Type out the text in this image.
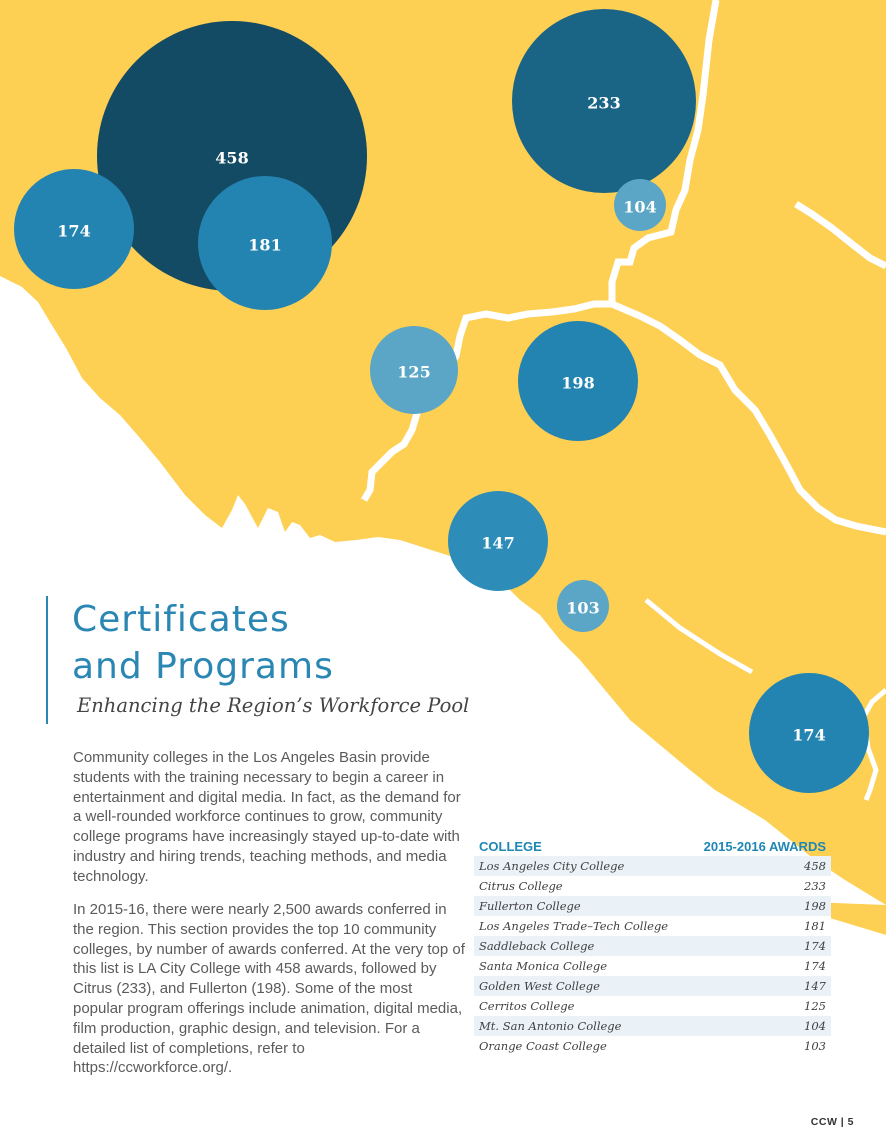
458
233
174
181
104
125
198
147
103
174
Certificates
and Programs
Enhancing the Region’s Workforce Pool

Community colleges in the Los Angeles Basin provide students with the training necessary to begin a career in entertainment and digital media. In fact, as the demand for a well-rounded workforce continues to grow, community college programs have increasingly stayed up-to-date with industry and hiring trends, teaching methods, and media technology.

In 2015-16, there were nearly 2,500 awards conferred in the region. This section provides the top 10 community colleges, by number of awards conferred. At the very top of this list is LA City College with 458 awards, followed by Citrus (233), and Fullerton (198). Some of the most popular program offerings include animation, digital media, film production, graphic design, and television. For a detailed list of completions, refer to https://ccworkforce.org/.

COLLEGE	2015-2016 AWARDS
Los Angeles City College	458
Citrus College	233
Fullerton College	198
Los Angeles Trade–Tech College	181
Saddleback College	174
Santa Monica College	174
Golden West College	147
Cerritos College	125
Mt. San Antonio College	104
Orange Coast College	103
CCW | 5
